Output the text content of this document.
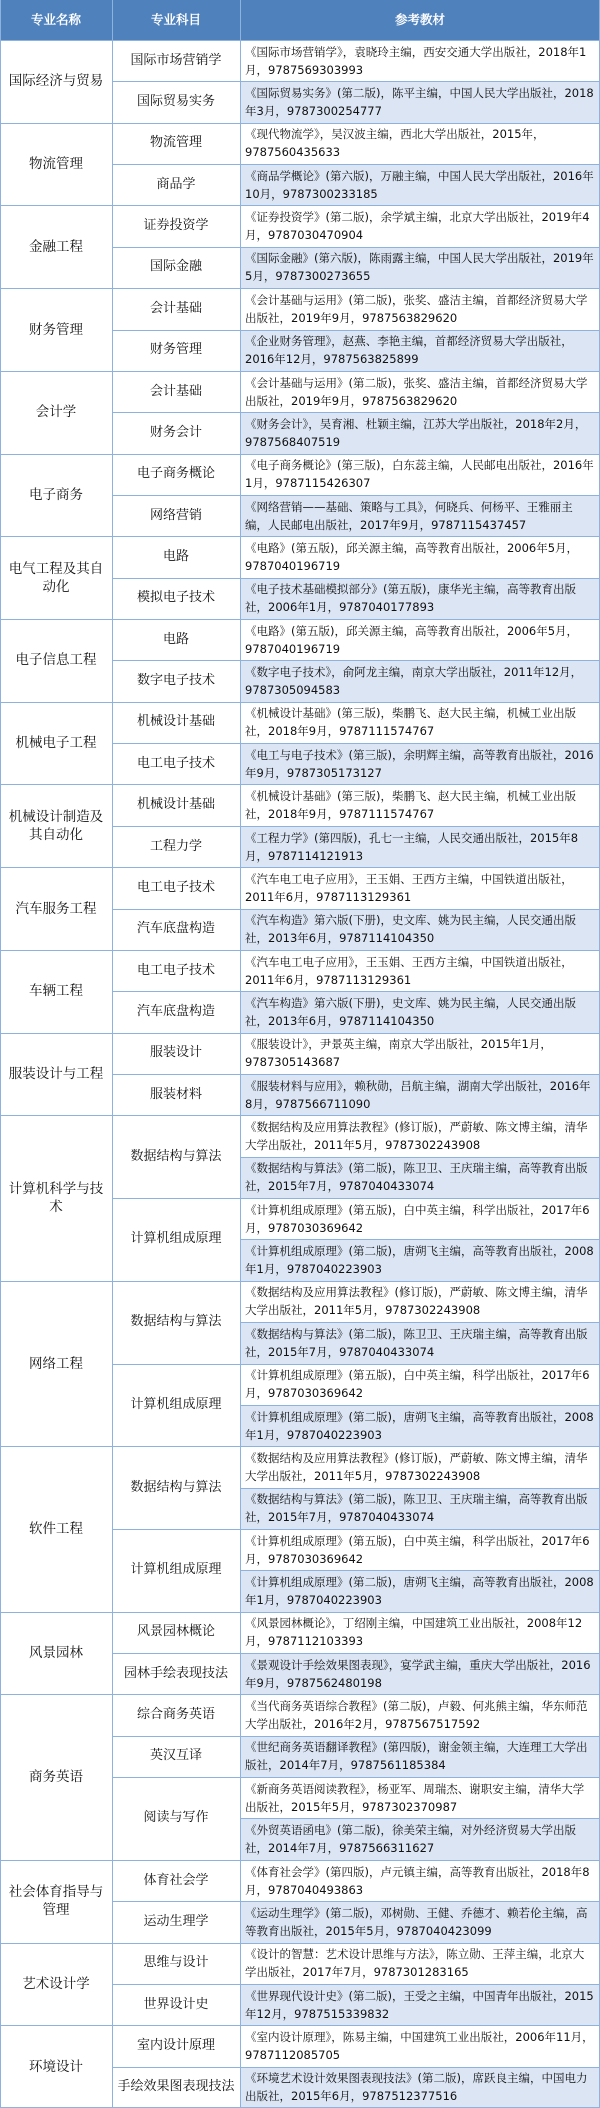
专业名称	专业科目	参考教材
国际经济与贸易
国际市场营销学
《国际市场营销学》，袁晓玲主编，西安交通大学出版社，2018年1月，9787569303993
国际贸易实务
《国际贸易实务》(第二版)，陈平主编，中国人民大学出版社，2018年3月，9787300254777
物流管理
物流管理
《现代物流学》，吴汉波主编，西北大学出版社，2015年，9787560435633
商品学
《商品学概论》(第六版)，万融主编，中国人民大学出版社，2016年10月，9787300233185
金融工程
证券投资学
《证券投资学》(第二版)，余学斌主编，北京大学出版社，2019年4月，9787030470904
国际金融
《国际金融》(第六版)，陈雨露主编，中国人民大学出版社，2019年5月，9787300273655
财务管理
会计基础
《会计基础与运用》(第二版)，张奖、盛洁主编，首都经济贸易大学出版社，2019年9月，9787563829620
财务管理
《企业财务管理》，赵燕、李艳主编，首都经济贸易大学出版社，2016年12月，9787563825899
会计学
会计基础
《会计基础与运用》(第二版)，张奖、盛洁主编，首都经济贸易大学出版社，2019年9月，9787563829620
财务会计
《财务会计》，吴育湘、杜颖主编，江苏大学出版社，2018年2月，9787568407519
电子商务
电子商务概论
《电子商务概论》(第三版)，白东蕊主编，人民邮电出版社，2016年1月，9787115426307
网络营销
《网络营销——基础、策略与工具》，何晓兵、何杨平、王雅丽主编，人民邮电出版社，2017年9月，9787115437457
电气工程及其自动化
电路
《电路》(第五版)，邱关源主编，高等教育出版社，2006年5月，9787040196719
模拟电子技术
《电子技术基础模拟部分》(第五版)，康华光主编，高等教育出版社，2006年1月，9787040177893
电子信息工程
电路
《电路》(第五版)，邱关源主编，高等教育出版社，2006年5月，9787040196719
数字电子技术
《数字电子技术》，俞阿龙主编，南京大学出版社，2011年12月，9787305094583
机械电子工程
机械设计基础
《机械设计基础》(第三版)，柴鹏飞、赵大民主编，机械工业出版社，2018年9月，9787111574767
电工电子技术
《电工与电子技术》(第三版)，余明辉主编，高等教育出版社，2016年9月，9787305173127
机械设计制造及其自动化
机械设计基础
《机械设计基础》(第三版)，柴鹏飞、赵大民主编，机械工业出版社，2018年9月，9787111574767
工程力学
《工程力学》(第四版)，孔七一主编，人民交通出版社，2015年8月，9787114121913
汽车服务工程
电工电子技术
《汽车电工电子应用》，王玉娟、王西方主编，中国铁道出版社，2011年6月，9787113129361
汽车底盘构造
《汽车构造》第六版(下册)，史文库、姚为民主编，人民交通出版社，2013年6月，9787114104350
车辆工程
电工电子技术
《汽车电工电子应用》，王玉娟、王西方主编，中国铁道出版社，2011年6月，9787113129361
汽车底盘构造
《汽车构造》第六版(下册)，史文库、姚为民主编，人民交通出版社，2013年6月，9787114104350
服装设计与工程
服装设计
《服装设计》，尹景英主编，南京大学出版社，2015年1月，9787305143687
服装材料
《服装材料与应用》，赖秋勋，吕航主编，湖南大学出版社，2016年8月，9787566711090
计算机科学与技术
数据结构与算法
《数据结构及应用算法教程》(修订版)，严蔚敏、陈文博主编，清华大学出版社，2011年5月，9787302243908
《数据结构与算法》(第二版)，陈卫卫、王庆瑞主编，高等教育出版社，2015年7月，9787040433074
计算机组成原理
《计算机组成原理》(第五版)，白中英主编，科学出版社，2017年6月，9787030369642
《计算机组成原理》(第二版)，唐朔飞主编，高等教育出版社，2008年1月，9787040223903
网络工程
数据结构与算法
《数据结构及应用算法教程》(修订版)，严蔚敏、陈文博主编，清华大学出版社，2011年5月，9787302243908
《数据结构与算法》(第二版)，陈卫卫、王庆瑞主编，高等教育出版社，2015年7月，9787040433074
计算机组成原理
《计算机组成原理》(第五版)，白中英主编，科学出版社，2017年6月，9787030369642
《计算机组成原理》(第二版)，唐朔飞主编，高等教育出版社，2008年1月，9787040223903
软件工程
数据结构与算法
《数据结构及应用算法教程》(修订版)，严蔚敏、陈文博主编，清华大学出版社，2011年5月，9787302243908
《数据结构与算法》(第二版)，陈卫卫、王庆瑞主编，高等教育出版社，2015年7月，9787040433074
计算机组成原理
《计算机组成原理》(第五版)，白中英主编，科学出版社，2017年6月，9787030369642
《计算机组成原理》(第二版)，唐朔飞主编，高等教育出版社，2008年1月，9787040223903
风景园林
风景园林概论
《风景园林概论》，丁绍刚主编，中国建筑工业出版社，2008年12月，9787112103393
园林手绘表现技法
《景观设计手绘效果图表现》，宴学武主编，重庆大学出版社，2016年9月，9787562480198
商务英语
综合商务英语
《当代商务英语综合教程》(第二版)，卢毅、何兆熊主编，华东师范大学出版社，2016年2月，9787567517592
英汉互译
《世纪商务英语翻译教程》(第四版)，谢金领主编，大连理工大学出版社，2014年7月，9787561185384
阅读与写作
《新商务英语阅读教程》，杨亚军、周瑞杰、谢职安主编，清华大学出版社，2015年5月，9787302370987
《外贸英语函电》(第二版)，徐美荣主编，对外经济贸易大学出版社，2014年7月，9787566311627
社会体育指导与管理
体育社会学
《体育社会学》(第四版)，卢元镇主编，高等教育出版社，2018年8月，9787040493863
运动生理学
《运动生理学》(第二版)，邓树勋、王健、乔德才、赖若伦主编，高等教育出版社，2015年5月，9787040423099
艺术设计学
思维与设计
《设计的智慧：艺术设计思维与方法》，陈立勋、王萍主编，北京大学出版社，2017年7月，9787301283165
世界设计史
《世界现代设计史》(第二版)，王受之主编，中国青年出版社，2015年12月，9787515339832
环境设计
室内设计原理
《室内设计原理》，陈易主编，中国建筑工业出版社，2006年11月，9787112085705
手绘效果图表现技法
《环境艺术设计效果图表现技法》(第二版)，席跃良主编，中国电力出版社，2015年6月，9787512377516
